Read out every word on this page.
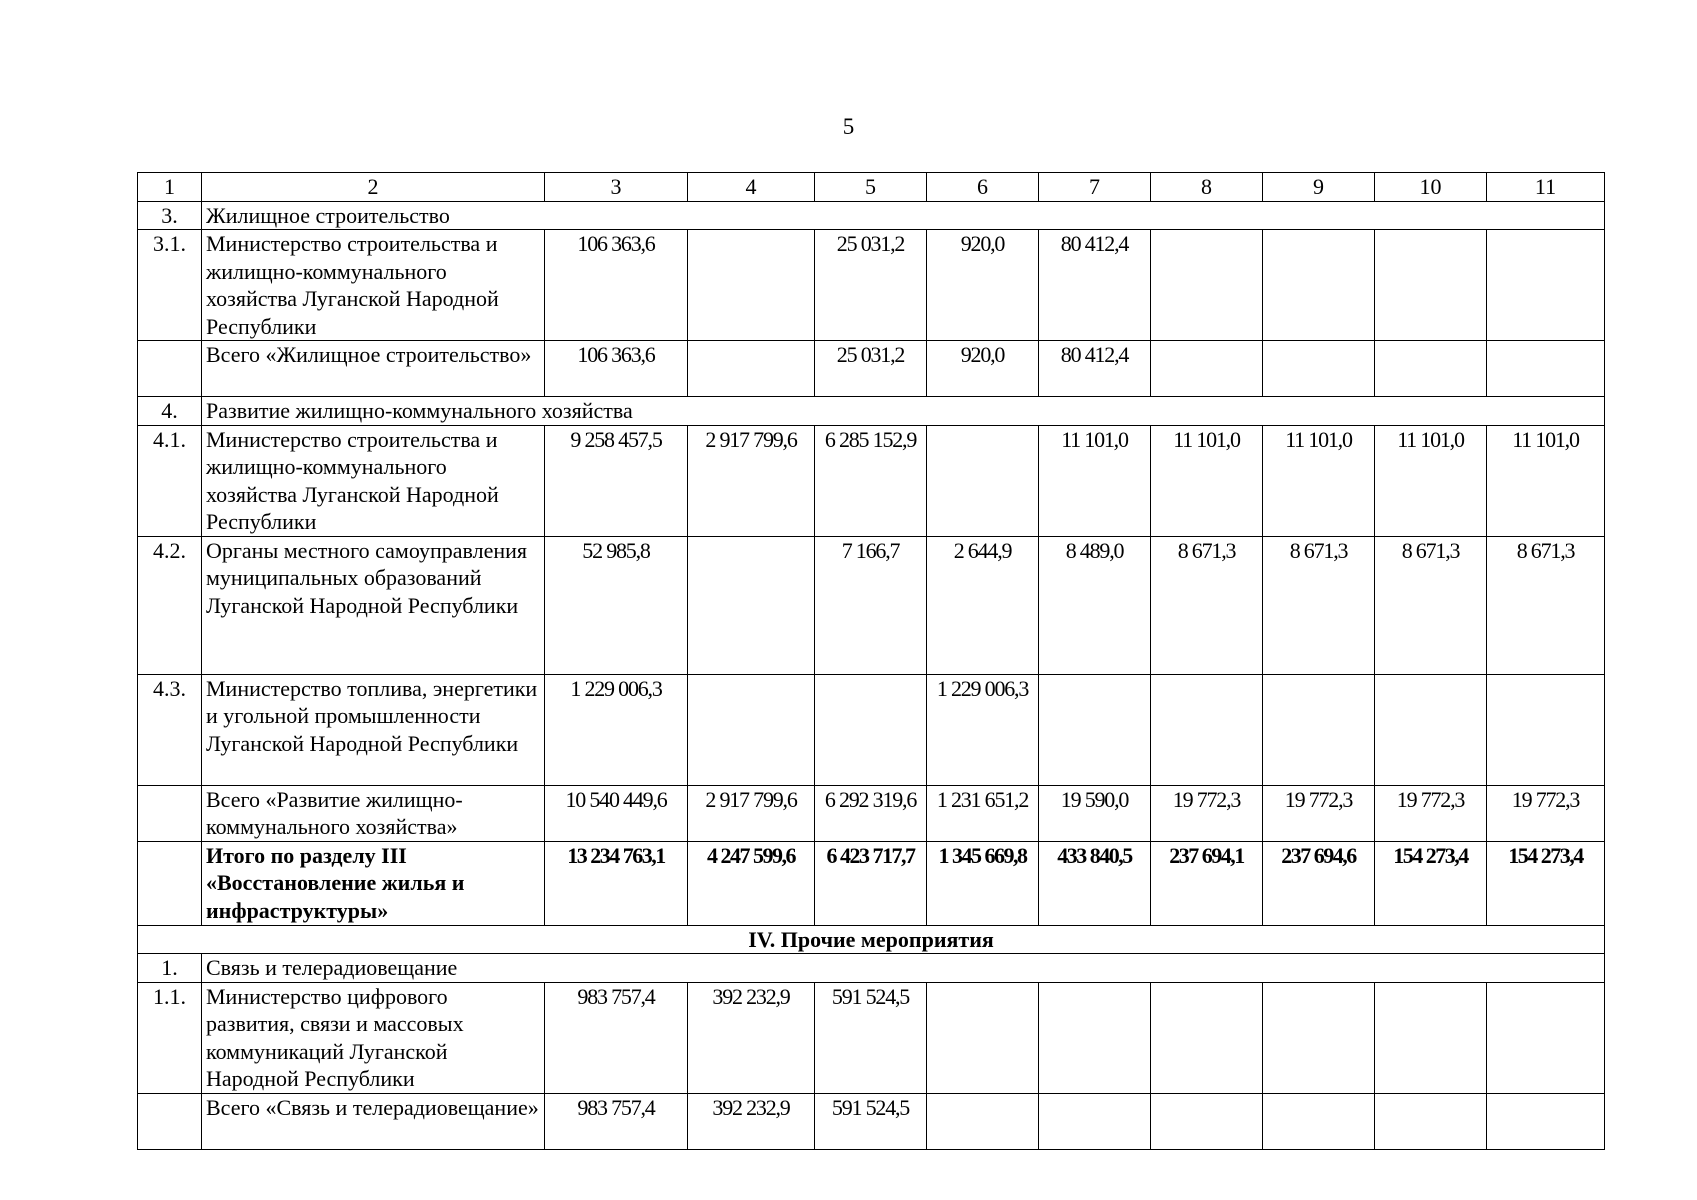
5
1	2	3	4	5	6	7	8	9	10	11
3.	Жилищное строительство									
3.1.	Министерство строительства и жилищно-коммунального хозяйства Луганской Народной Республики	106 363,6		25 031,2	920,0	80 412,4				
	Всего «Жилищное строительство»	106 363,6		25 031,2	920,0	80 412,4				
4.	Развитие жилищно-коммунального хозяйства									
4.1.	Министерство строительства и жилищно-коммунального хозяйства Луганской Народной Республики	9 258 457,5	2 917 799,6	6 285 152,9		11 101,0	11 101,0	11 101,0	11 101,0	11 101,0
4.2.	Органы местного самоуправления муниципальных образований Луганской Народной Республики	52 985,8		7 166,7	2 644,9	8 489,0	8 671,3	8 671,3	8 671,3	8 671,3
4.3.	Министерство топлива, энергетики и угольной промышленности Луганской Народной Республики	1 229 006,3			1 229 006,3					
	Всего «Развитие жилищно-коммунального хозяйства»	10 540 449,6	2 917 799,6	6 292 319,6	1 231 651,2	19 590,0	19 772,3	19 772,3	19 772,3	19 772,3
	Итого по разделу III «Восстановление жилья и инфраструктуры»	13 234 763,1	4 247 599,6	6 423 717,7	1 345 669,8	433 840,5	237 694,1	237 694,6	154 273,4	154 273,4
IV. Прочие мероприятия										
1.	Связь и телерадиовещание									
1.1.	Министерство цифрового развития, связи и массовых коммуникаций Луганской Народной Республики	983 757,4	392 232,9	591 524,5						
	Всего «Связь и телерадиовещание»	983 757,4	392 232,9	591 524,5						
